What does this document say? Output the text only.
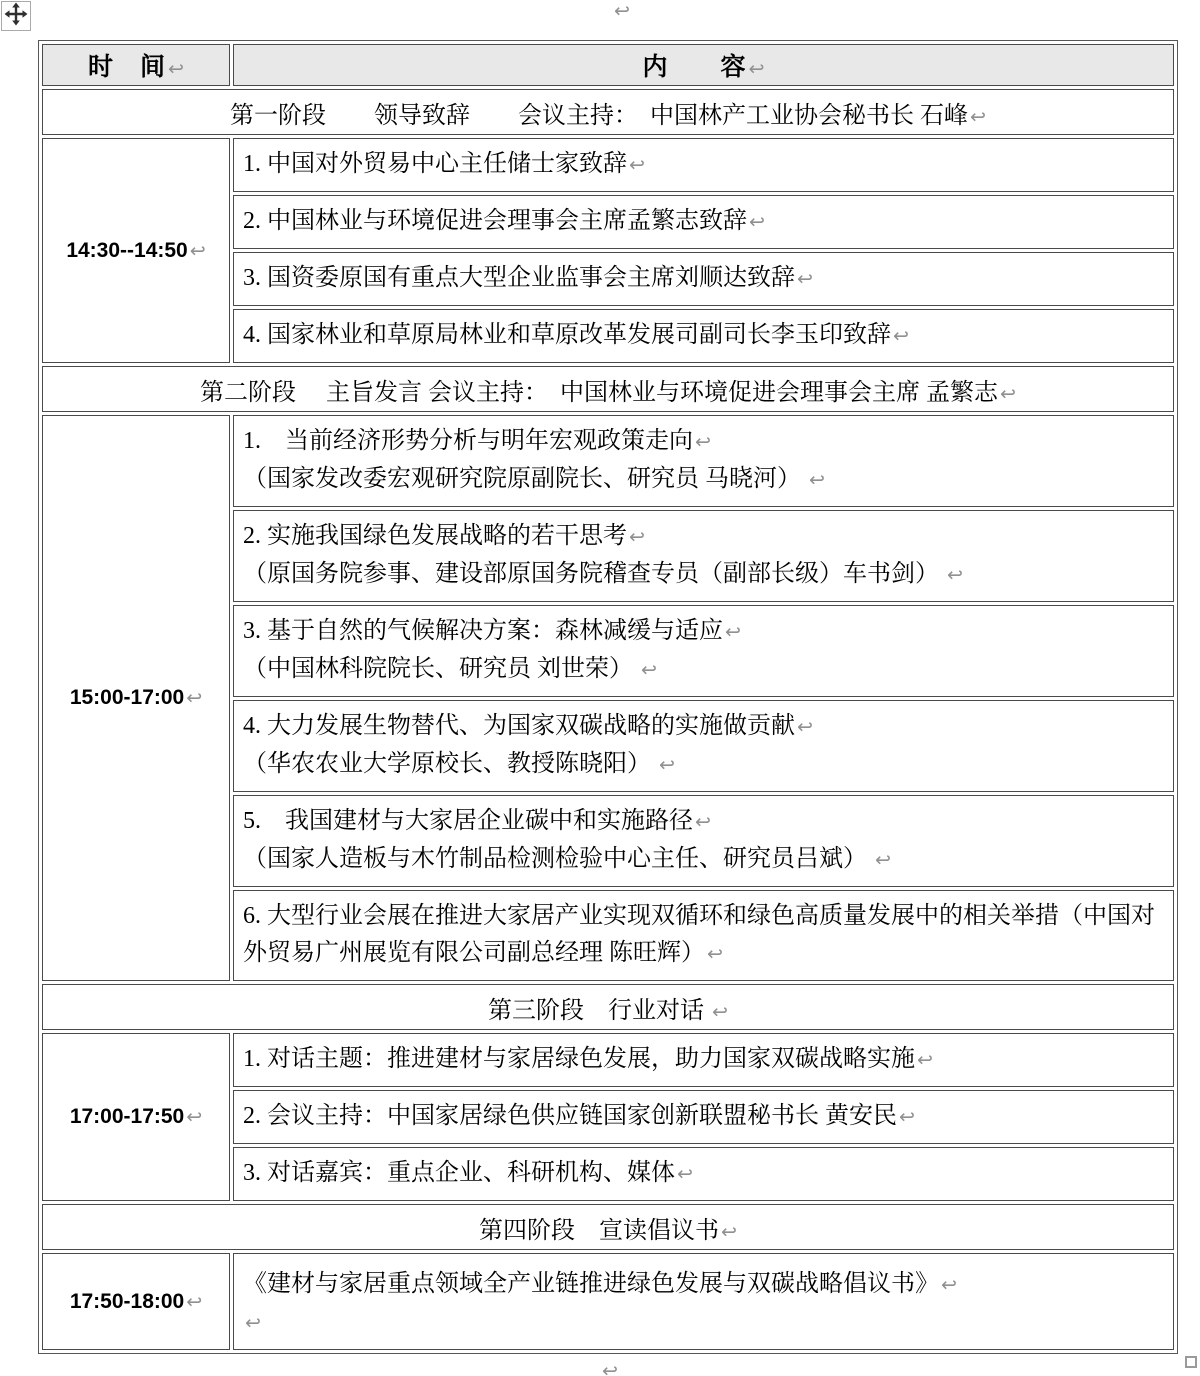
↩
时　间 ↩	内　　容 ↩
第一阶段　　领导致辞　　会议主持：　中国林产工业协会秘书长 石峰 ↩	
14:30--14:50 ↩	1. 中国对外贸易中心主任储士家致辞 ↩

	2. 中国林业与环境促进会理事会主席孟繁志致辞 ↩

	3. 国资委原国有重点大型企业监事会主席刘顺达致辞 ↩

	4. 国家林业和草原局林业和草原改革发展司副司长李玉印致辞 ↩

第二阶段　 主旨发言 会议主持：　中国林业与环境促进会理事会主席 孟繁志 ↩	
15:00-17:00 ↩	1.　当前经济形势分析与明年宏观政策走向 ↩

（国家发改委宏观研究院原副院长、研究员 马晓河） ↩

	2. 实施我国绿色发展战略的若干思考 ↩

（原国务院参事、建设部原国务院稽查专员（副部长级）车书剑） ↩

	3. 基于自然的气候解决方案：森林减缓与适应 ↩

（中国林科院院长、研究员 刘世荣） ↩

	4. 大力发展生物替代、为国家双碳战略的实施做贡献 ↩

（华农农业大学原校长、教授陈晓阳） ↩

	5.　我国建材与大家居企业碳中和实施路径 ↩

（国家人造板与木竹制品检测检验中心主任、研究员吕斌） ↩

	6. 大型行业会展在推进大家居产业实现双循环和绿色高质量发展中的相关举措（中国对外贸易广州展览有限公司副总经理 陈旺辉） ↩

第三阶段　行业对话 ↩	
17:00-17:50 ↩	1. 对话主题：推进建材与家居绿色发展，助力国家双碳战略实施 ↩

	2. 会议主持：中国家居绿色供应链国家创新联盟秘书长 黄安民 ↩

	3. 对话嘉宾：重点企业、科研机构、媒体 ↩

第四阶段　宣读倡议书 ↩	
17:50-18:00 ↩	《建材与家居重点领域全产业链推进绿色发展与双碳战略倡议书》 ↩

↩

↩
